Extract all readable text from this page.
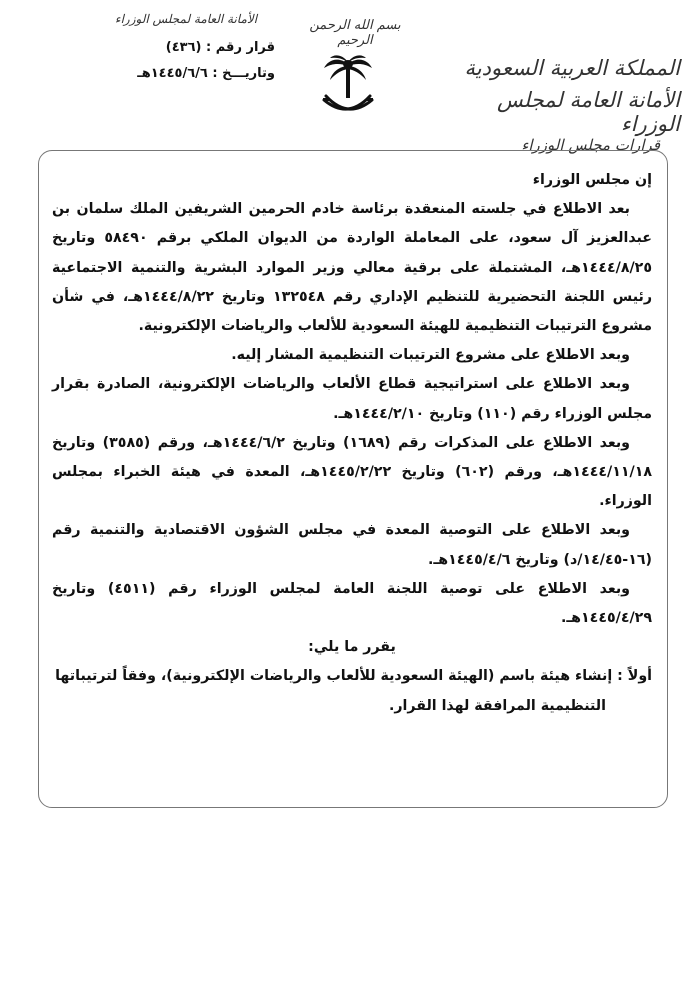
الأمانة العامة لمجلس الوزراء
قرار رقم : (٤٣٦)
وتاريـــخ : ١٤٤٥/٦/٦هـ
بسم الله الرحمن الرحيم
المملكة العربية السعودية
الأمانة العامة لمجلس الوزراء
قرارات مجلس الوزراء

إن مجلس الوزراء

بعد الاطلاع في جلسته المنعقدة برئاسة خادم الحرمين الشريفين الملك سلمان بن عبدالعزيز آل سعود، على المعاملة الواردة من الديوان الملكي برقم ٥٨٤٩٠ وتاريخ ١٤٤٤/٨/٢٥هـ، المشتملة على برقية معالي وزير الموارد البشرية والتنمية الاجتماعية رئيس اللجنة التحضيرية للتنظيم الإداري رقم ١٣٢٥٤٨ وتاريخ ١٤٤٤/٨/٢٢هـ، في شأن مشروع الترتيبات التنظيمية للهيئة السعودية للألعاب والرياضات الإلكترونية.

وبعد الاطلاع على مشروع الترتيبات التنظيمية المشار إليه.

وبعد الاطلاع على استراتيجية قطاع الألعاب والرياضات الإلكترونية، الصادرة بقرار مجلس الوزراء رقم (١١٠) وتاريخ ١٤٤٤/٢/١٠هـ.

وبعد الاطلاع على المذكرات رقم (١٦٨٩) وتاريخ ١٤٤٤/٦/٢هـ، ورقم (٣٥٨٥) وتاريخ ١٤٤٤/١١/١٨هـ، ورقم (٦٠٢) وتاريخ ١٤٤٥/٢/٢٢هـ، المعدة في هيئة الخبراء بمجلس الوزراء.

وبعد الاطلاع على التوصية المعدة في مجلس الشؤون الاقتصادية والتنمية رقم (١٦-١٤/٤٥/د) وتاريخ ١٤٤٥/٤/٦هـ.

وبعد الاطلاع على توصية اللجنة العامة لمجلس الوزراء رقم (٤٥١١) وتاريخ ١٤٤٥/٤/٢٩هـ.

يقرر ما يلي:

أولاً : إنشاء هيئة باسم (الهيئة السعودية للألعاب والرياضات الإلكترونية)، وفقاً لترتيباتها

التنظيمية المرافقة لهذا القرار.
